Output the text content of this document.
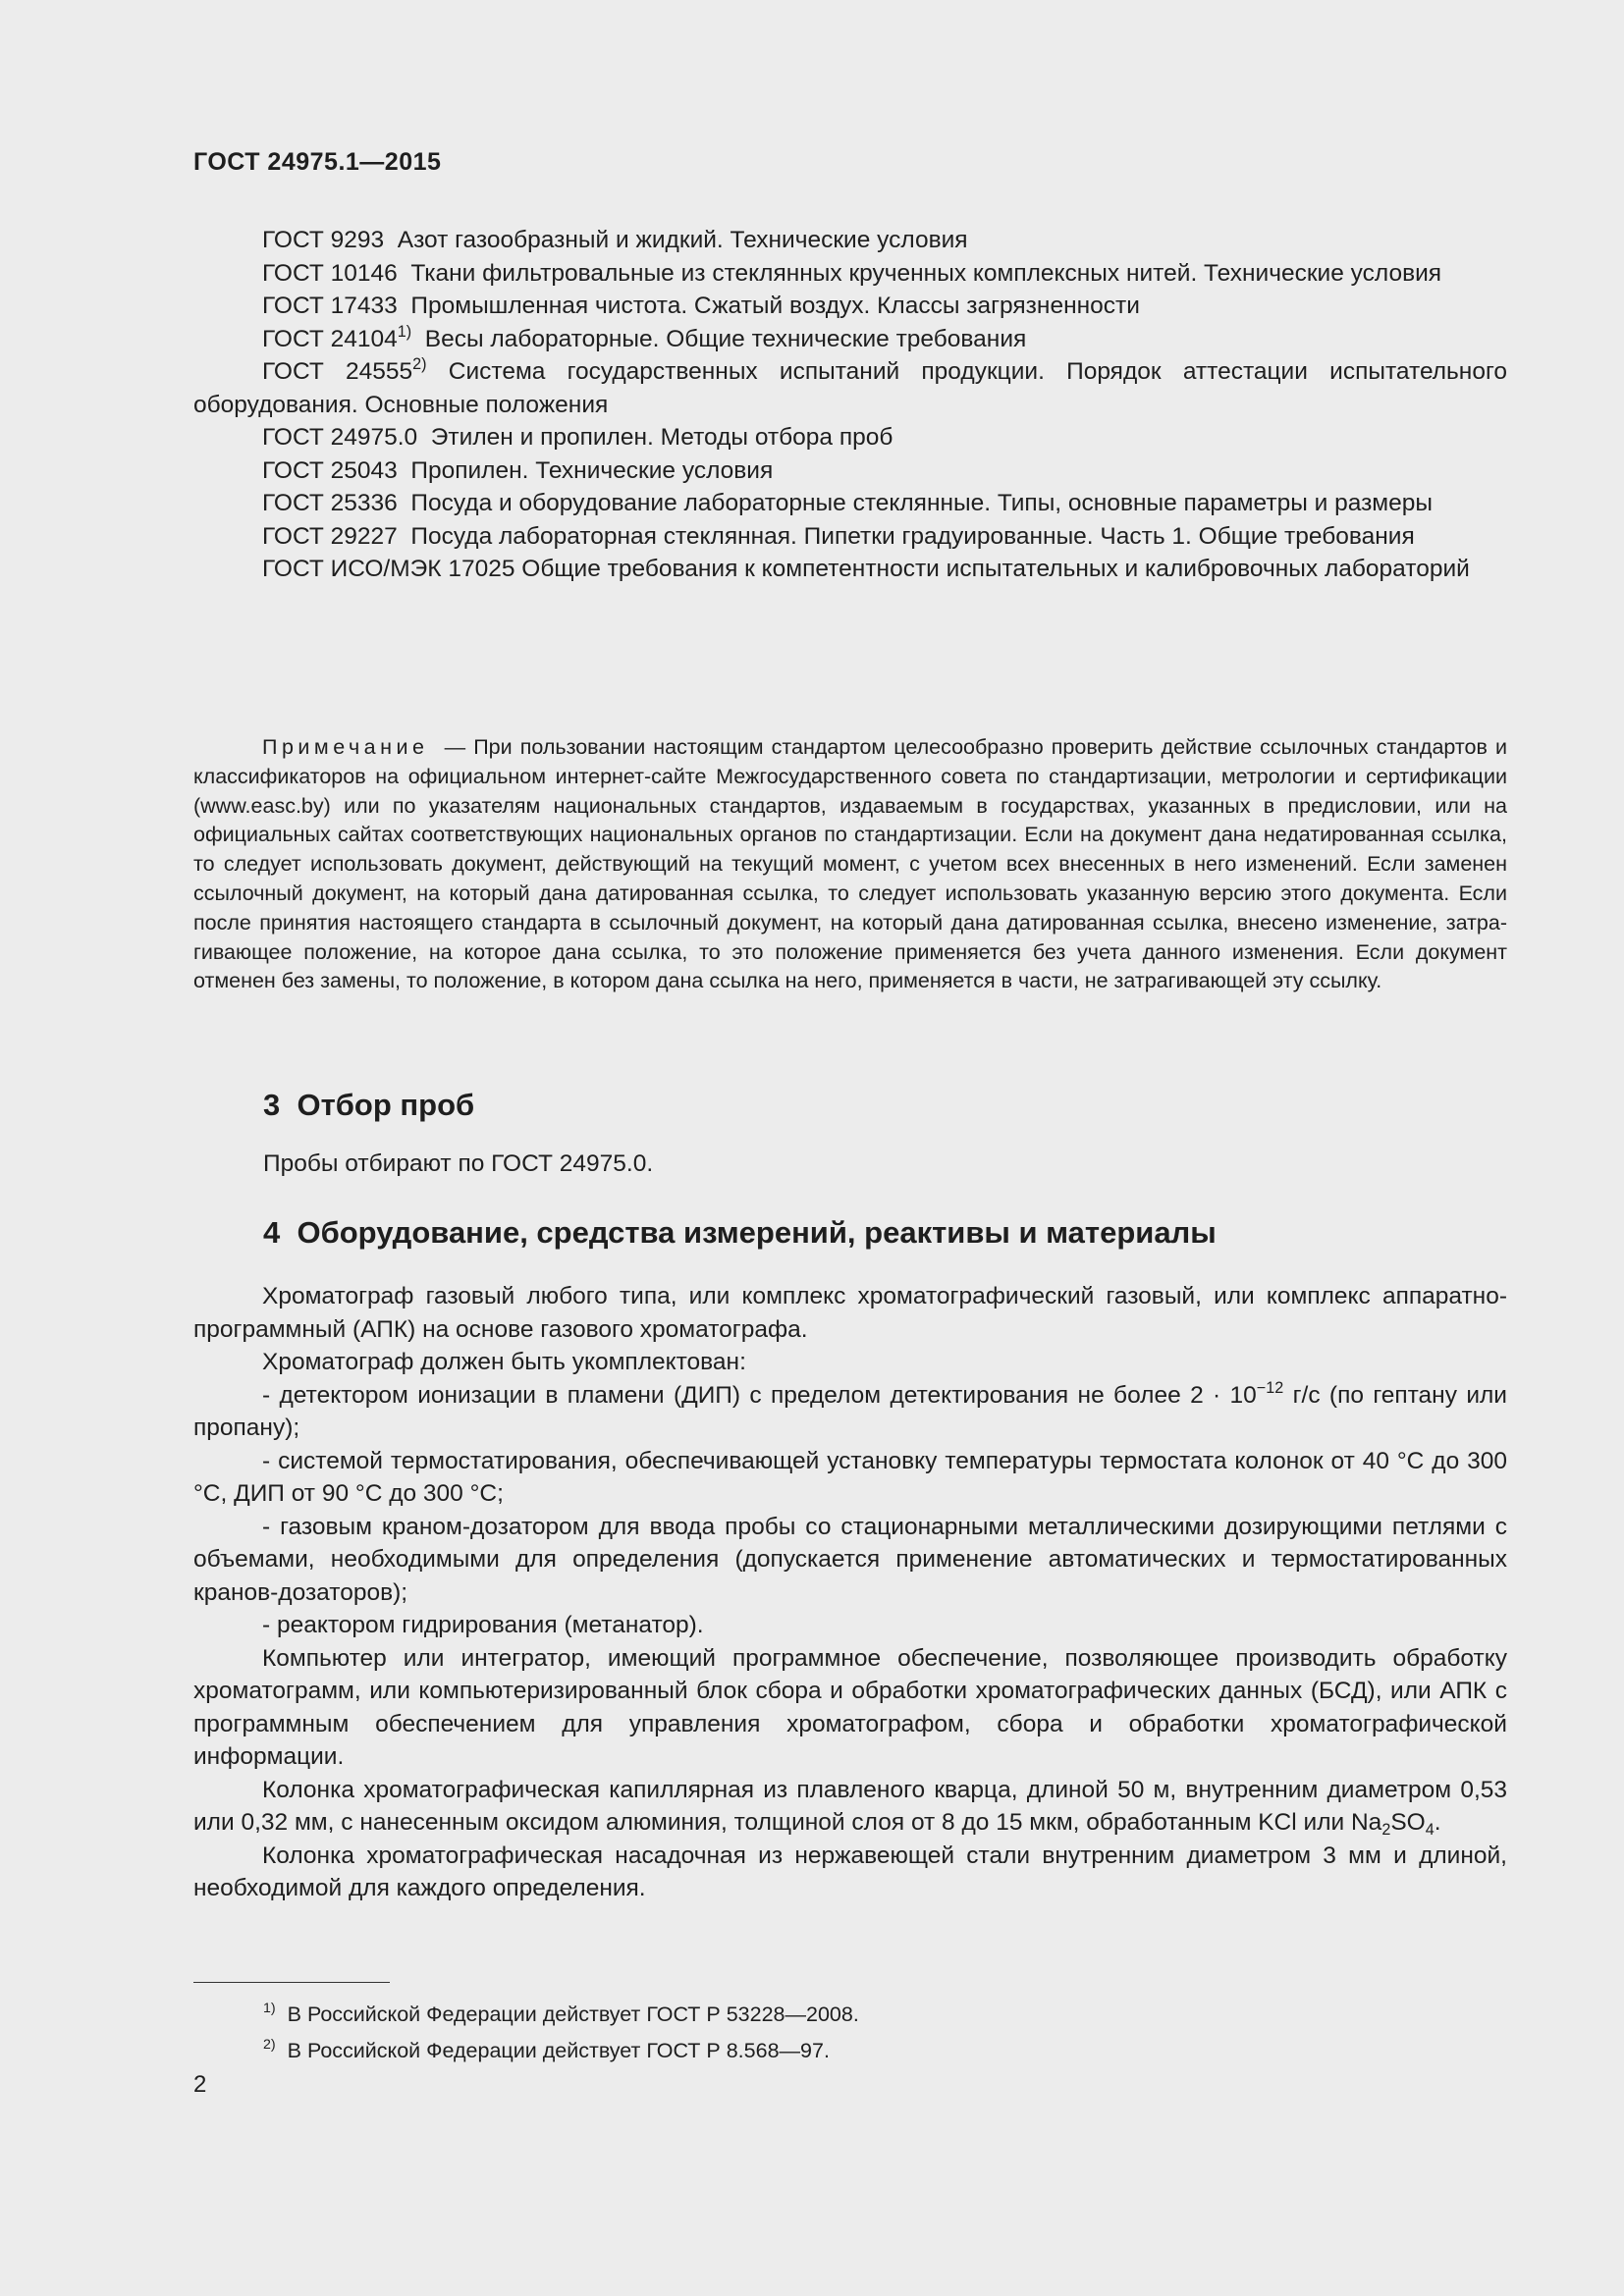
ГОСТ 24975.1—2015

ГОСТ 9293 Азот газообразный и жидкий. Технические условия

ГОСТ 10146 Ткани фильтровальные из стеклянных крученных комплексных нитей. Технические условия

ГОСТ 17433 Промышленная чистота. Сжатый воздух. Классы загрязненности

ГОСТ 24104$^{1)}$ Весы лабораторные. Общие технические требования

ГОСТ 24555$^{2)}$ Система государственных испытаний продукции. Порядок аттестации испытательного оборудования. Основные положения

ГОСТ 24975.0 Этилен и пропилен. Методы отбора проб

ГОСТ 25043 Пропилен. Технические условия

ГОСТ 25336 Посуда и оборудование лабораторные стеклянные. Типы, основные параметры и размеры

ГОСТ 29227 Посуда лабораторная стеклянная. Пипетки градуированные. Часть 1. Общие требования

ГОСТ ИСО/МЭК 17025 Общие требования к компетентности испытательных и калибровочных лабораторий

Примечание — При пользовании настоящим стандартом целесообразно проверить действие ссылочных стандартов и классификаторов на официальном интернет-сайте Межгосударственного совета по стандартизации, метрологии и сертификации (www.easc.by) или по указателям национальных стандартов, издаваемым в государствах, указанных в предисловии, или на официальных сайтах соответствующих национальных органов по стандартизации. Если на документ дана недатированная ссылка, то следует использовать документ, действующий на текущий момент, с учетом всех внесенных в него изменений. Если заменен ссылочный документ, на который дана датированная ссылка, то следует использовать указанную версию этого документа. Если после принятия настоящего стандарта в ссылочный документ, на который дана датированная ссылка, внесено изменение, затрагивающее положение, на которое дана ссылка, то это положение применяется без учета данного изменения. Если документ отменен без замены, то положение, в котором дана ссылка на него, применяется в части, не затрагивающей эту ссылку.

3 Отбор проб

Пробы отбирают по ГОСТ 24975.0.

4 Оборудование, средства измерений, реактивы и материалы

Хроматограф газовый любого типа, или комплекс хроматографический газовый, или комплекс аппаратно-программный (АПК) на основе газового хроматографа.

Хроматограф должен быть укомплектован:

- детектором ионизации в пламени (ДИП) с пределом детектирования не более $2 \cdot 10^{-12}$ г/с (по гептану или пропану);

- системой термостатирования, обеспечивающей установку температуры термостата колонок от 40 °С до 300 °С, ДИП от 90 °С до 300 °С;

- газовым краном-дозатором для ввода пробы со стационарными металлическими дозирующими петлями с объемами, необходимыми для определения (допускается применение автоматических и термостатированных кранов-дозаторов);

- реактором гидрирования (метанатор).

Компьютер или интегратор, имеющий программное обеспечение, позволяющее производить обработку хроматограмм, или компьютеризированный блок сбора и обработки хроматографических данных (БСД), или АПК с программным обеспечением для управления хроматографом, сбора и обработки хроматографической информации.

Колонка хроматографическая капиллярная из плавленого кварца, длиной 50 м, внутренним диаметром 0,53 или 0,32 мм, с нанесенным оксидом алюминия, толщиной слоя от 8 до 15 мкм, обработанным KCl или $Na_2SO_4$.

Колонка хроматографическая насадочная из нержавеющей стали внутренним диаметром 3 мм и длиной, необходимой для каждого определения.

$^{1)}$ В Российской Федерации действует ГОСТ Р 53228—2008.

$^{2)}$ В Российской Федерации действует ГОСТ Р 8.568—97.

2
